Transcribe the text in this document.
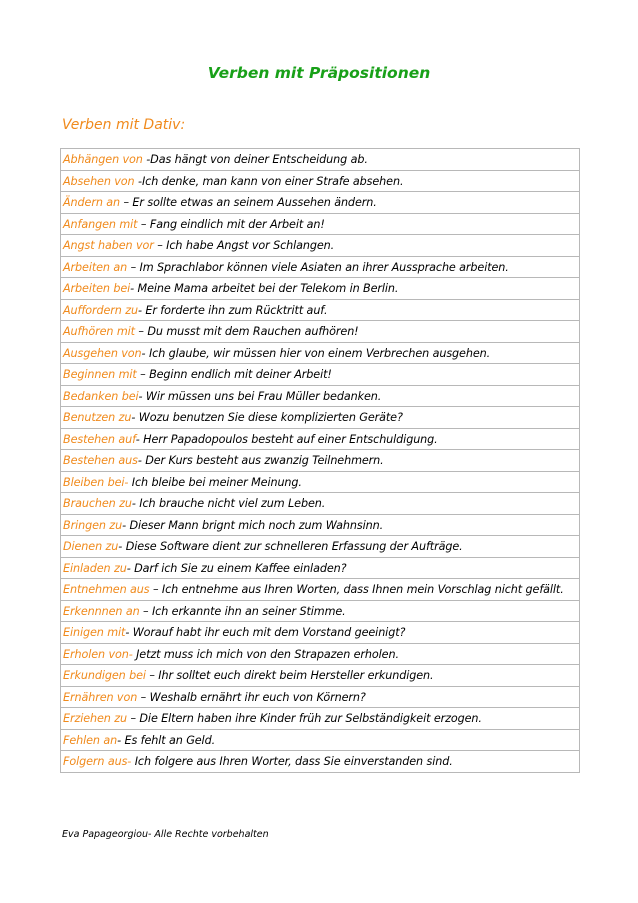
Verben mit Präpositionen
Verben mit Dativ:
Abhängen von -Das hängt von deiner Entscheidung ab.
Absehen von -Ich denke, man kann von einer Strafe absehen.
Ändern an – Er sollte etwas an seinem Aussehen ändern.
Anfangen mit – Fang eindlich mit der Arbeit an!
Angst haben vor – Ich habe Angst vor Schlangen.
Arbeiten an – Im Sprachlabor können viele Asiaten an ihrer Aussprache arbeiten.
Arbeiten bei- Meine Mama arbeitet bei der Telekom in Berlin.
Auffordern zu- Er forderte ihn zum Rücktritt auf.
Aufhören mit – Du musst mit dem Rauchen aufhören!
Ausgehen von- Ich glaube, wir müssen hier von einem Verbrechen ausgehen.
Beginnen mit – Beginn endlich mit deiner Arbeit!
Bedanken bei- Wir müssen uns bei Frau Müller bedanken.
Benutzen zu- Wozu benutzen Sie diese komplizierten Geräte?
Bestehen auf- Herr Papadopoulos besteht auf einer Entschuldigung.
Bestehen aus- Der Kurs besteht aus zwanzig Teilnehmern.
Bleiben bei- Ich bleibe bei meiner Meinung.
Brauchen zu- Ich brauche nicht viel zum Leben.
Bringen zu- Dieser Mann brignt mich noch zum Wahnsinn.
Dienen zu- Diese Software dient zur schnelleren Erfassung der Aufträge.
Einladen zu- Darf ich Sie zu einem Kaffee einladen?
Entnehmen aus – Ich entnehme aus Ihren Worten, dass Ihnen mein Vorschlag nicht gefällt.
Erkennnen an – Ich erkannte ihn an seiner Stimme.
Einigen mit- Worauf habt ihr euch mit dem Vorstand geeinigt?
Erholen von- Jetzt muss ich mich von den Strapazen erholen.
Erkundigen bei – Ihr solltet euch direkt beim Hersteller erkundigen.
Ernähren von – Weshalb ernährt ihr euch von Körnern?
Erziehen zu – Die Eltern haben ihre Kinder früh zur Selbständigkeit erzogen.
Fehlen an- Es fehlt an Geld.
Folgern aus- Ich folgere aus Ihren Worter, dass Sie einverstanden sind.
Eva Papageorgiou- Alle Rechte vorbehalten
